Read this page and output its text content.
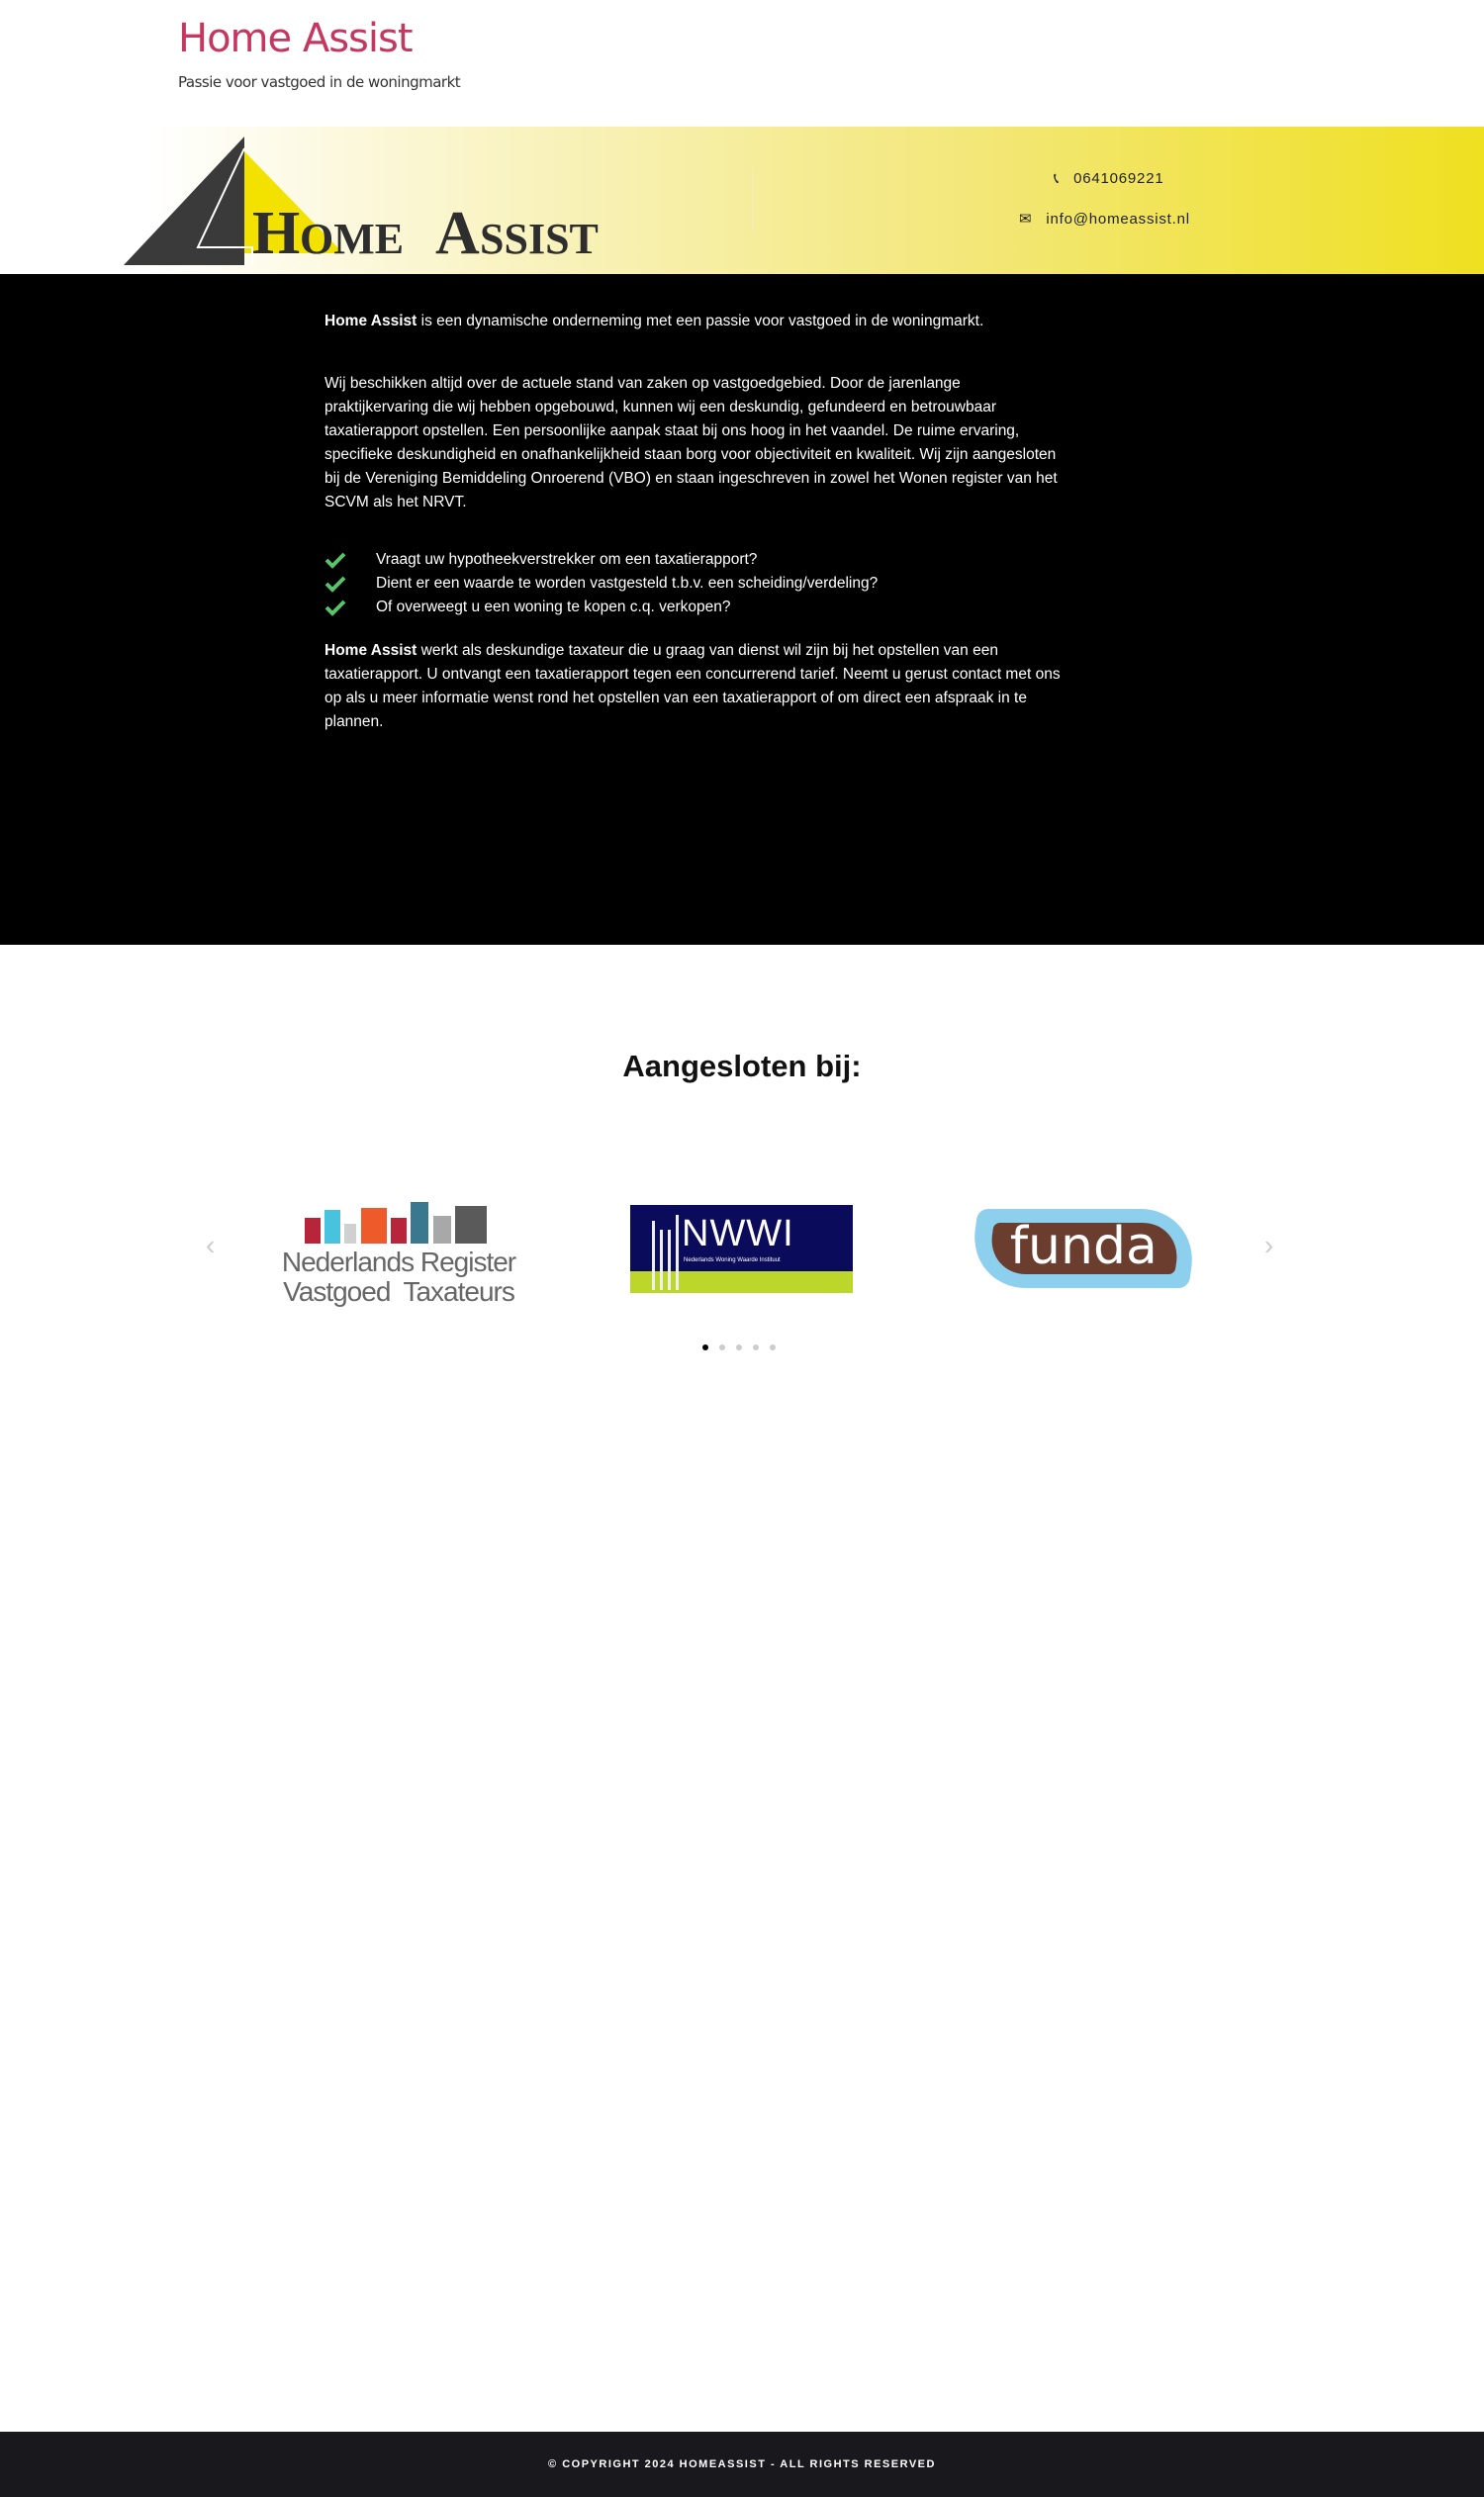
Home Assist
Passie voor vastgoed in de woningmarkt
H OME A SSIST
📞︎ 0641069221
✉︎ info@homeassist.nl

Home Assist is een dynamische onderneming met een passie voor vastgoed in de woningmarkt.

Wij beschikken altijd over de actuele stand van zaken op vastgoedgebied. Door de jarenlange praktijkervaring die wij hebben opgebouwd, kunnen wij een deskundig, gefundeerd en betrouwbaar taxatierapport opstellen. Een persoonlijke aanpak staat bij ons hoog in het vaandel. De ruime ervaring, specifieke deskundigheid en onafhankelijkheid staan borg voor objectiviteit en kwaliteit. Wij zijn aangesloten bij de Vereniging Bemiddeling Onroerend (VBO) en staan ingeschreven in zowel het Wonen register van het SCVM als het NRVT.

Vraagt uw hypotheekverstrekker om een taxatierapport?
Dient er een waarde te worden vastgesteld t.b.v. een scheiding/verdeling?
Of overweegt u een woning te kopen c.q. verkopen?

Home Assist werkt als deskundige taxateur die u graag van dienst wil zijn bij het opstellen van een taxatierapport. U ontvangt een taxatierapport tegen een concurrerend tarief. Neemt u gerust contact met ons op als u meer informatie wenst rond het opstellen van een taxatierapport of om direct een afspraak in te plannen.

Aangesloten bij:
‹	›
Nederlands Register
Vastgoed  Taxateurs
NWWI
Nederlands Woning Waarde Instituut	funda
© COPYRIGHT 2024 HOMEASSIST - ALL RIGHTS RESERVED
